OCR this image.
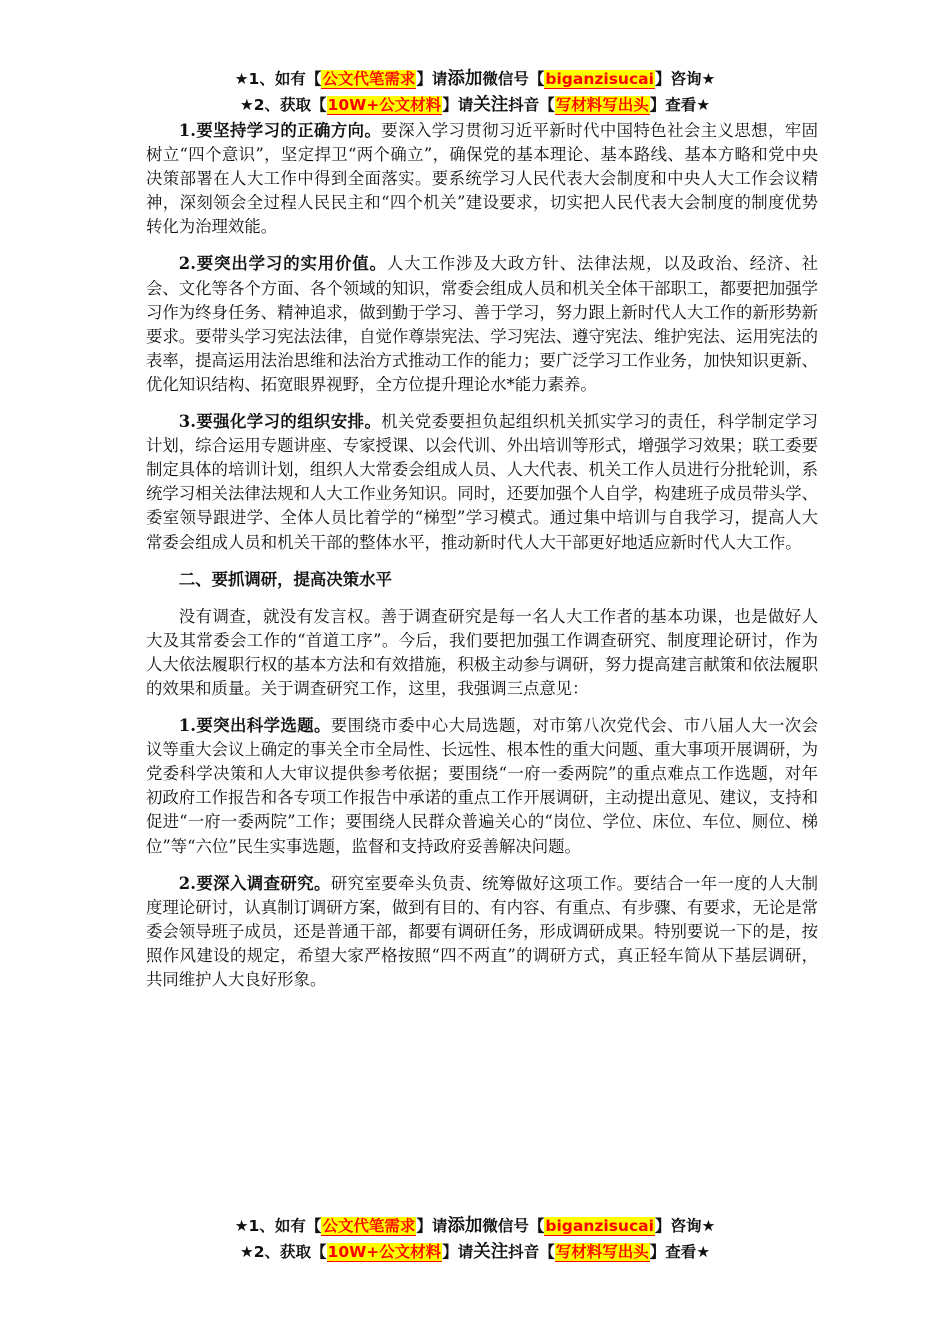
★1、如有【公文代笔需求】请添加微信号【biganzisucai】咨询★
★2、获取【10W+公文材料】请关注抖音【写材料写出头】查看★

1.要坚持学习的正确方向。要深入学习贯彻习近平新时代中国特色社会主义思想，牢固树立“四个意识”，坚定捍卫“两个确立”，确保党的基本理论、基本路线、基本方略和党中央决策部署在人大工作中得到全面落实。要系统学习人民代表大会制度和中央人大工作会议精神，深刻领会全过程人民民主和“四个机关”建设要求，切实把人民代表大会制度的制度优势转化为治理效能。

2.要突出学习的实用价值。人大工作涉及大政方针、法律法规，以及政治、经济、社会、文化等各个方面、各个领域的知识，常委会组成人员和机关全体干部职工，都要把加强学习作为终身任务、精神追求，做到勤于学习、善于学习，努力跟上新时代人大工作的新形势新要求。要带头学习宪法法律，自觉作尊崇宪法、学习宪法、遵守宪法、维护宪法、运用宪法的表率，提高运用法治思维和法治方式推动工作的能力；要广泛学习工作业务，加快知识更新、优化知识结构、拓宽眼界视野，全方位提升理论水*能力素养。

3.要强化学习的组织安排。机关党委要担负起组织机关抓实学习的责任，科学制定学习计划，综合运用专题讲座、专家授课、以会代训、外出培训等形式，增强学习效果；联工委要制定具体的培训计划，组织人大常委会组成人员、人大代表、机关工作人员进行分批轮训，系统学习相关法律法规和人大工作业务知识。同时，还要加强个人自学，构建班子成员带头学、委室领导跟进学、全体人员比着学的“梯型”学习模式。通过集中培训与自我学习，提高人大常委会组成人员和机关干部的整体水平，推动新时代人大干部更好地适应新时代人大工作。

二、要抓调研，提高决策水平

没有调查，就没有发言权。善于调查研究是每一名人大工作者的基本功课，也是做好人大及其常委会工作的“首道工序”。今后，我们要把加强工作调查研究、制度理论研讨，作为人大依法履职行权的基本方法和有效措施，积极主动参与调研，努力提高建言献策和依法履职的效果和质量。关于调查研究工作，这里，我强调三点意见：

1.要突出科学选题。要围绕市委中心大局选题，对市第八次党代会、市八届人大一次会议等重大会议上确定的事关全市全局性、长远性、根本性的重大问题、重大事项开展调研，为党委科学决策和人大审议提供参考依据；要围绕“一府一委两院”的重点难点工作选题，对年初政府工作报告和各专项工作报告中承诺的重点工作开展调研，主动提出意见、建议，支持和促进“一府一委两院”工作；要围绕人民群众普遍关心的“岗位、学位、床位、车位、厕位、梯位”等“六位”民生实事选题，监督和支持政府妥善解决问题。

2.要深入调查研究。研究室要牵头负责、统筹做好这项工作。要结合一年一度的人大制度理论研讨，认真制订调研方案，做到有目的、有内容、有重点、有步骤、有要求，无论是常委会领导班子成员，还是普通干部，都要有调研任务，形成调研成果。特别要说一下的是，按照作风建设的规定，希望大家严格按照“四不两直”的调研方式，真正轻车简从下基层调研，共同维护人大良好形象。

★1、如有【公文代笔需求】请添加微信号【biganzisucai】咨询★
★2、获取【10W+公文材料】请关注抖音【写材料写出头】查看★
